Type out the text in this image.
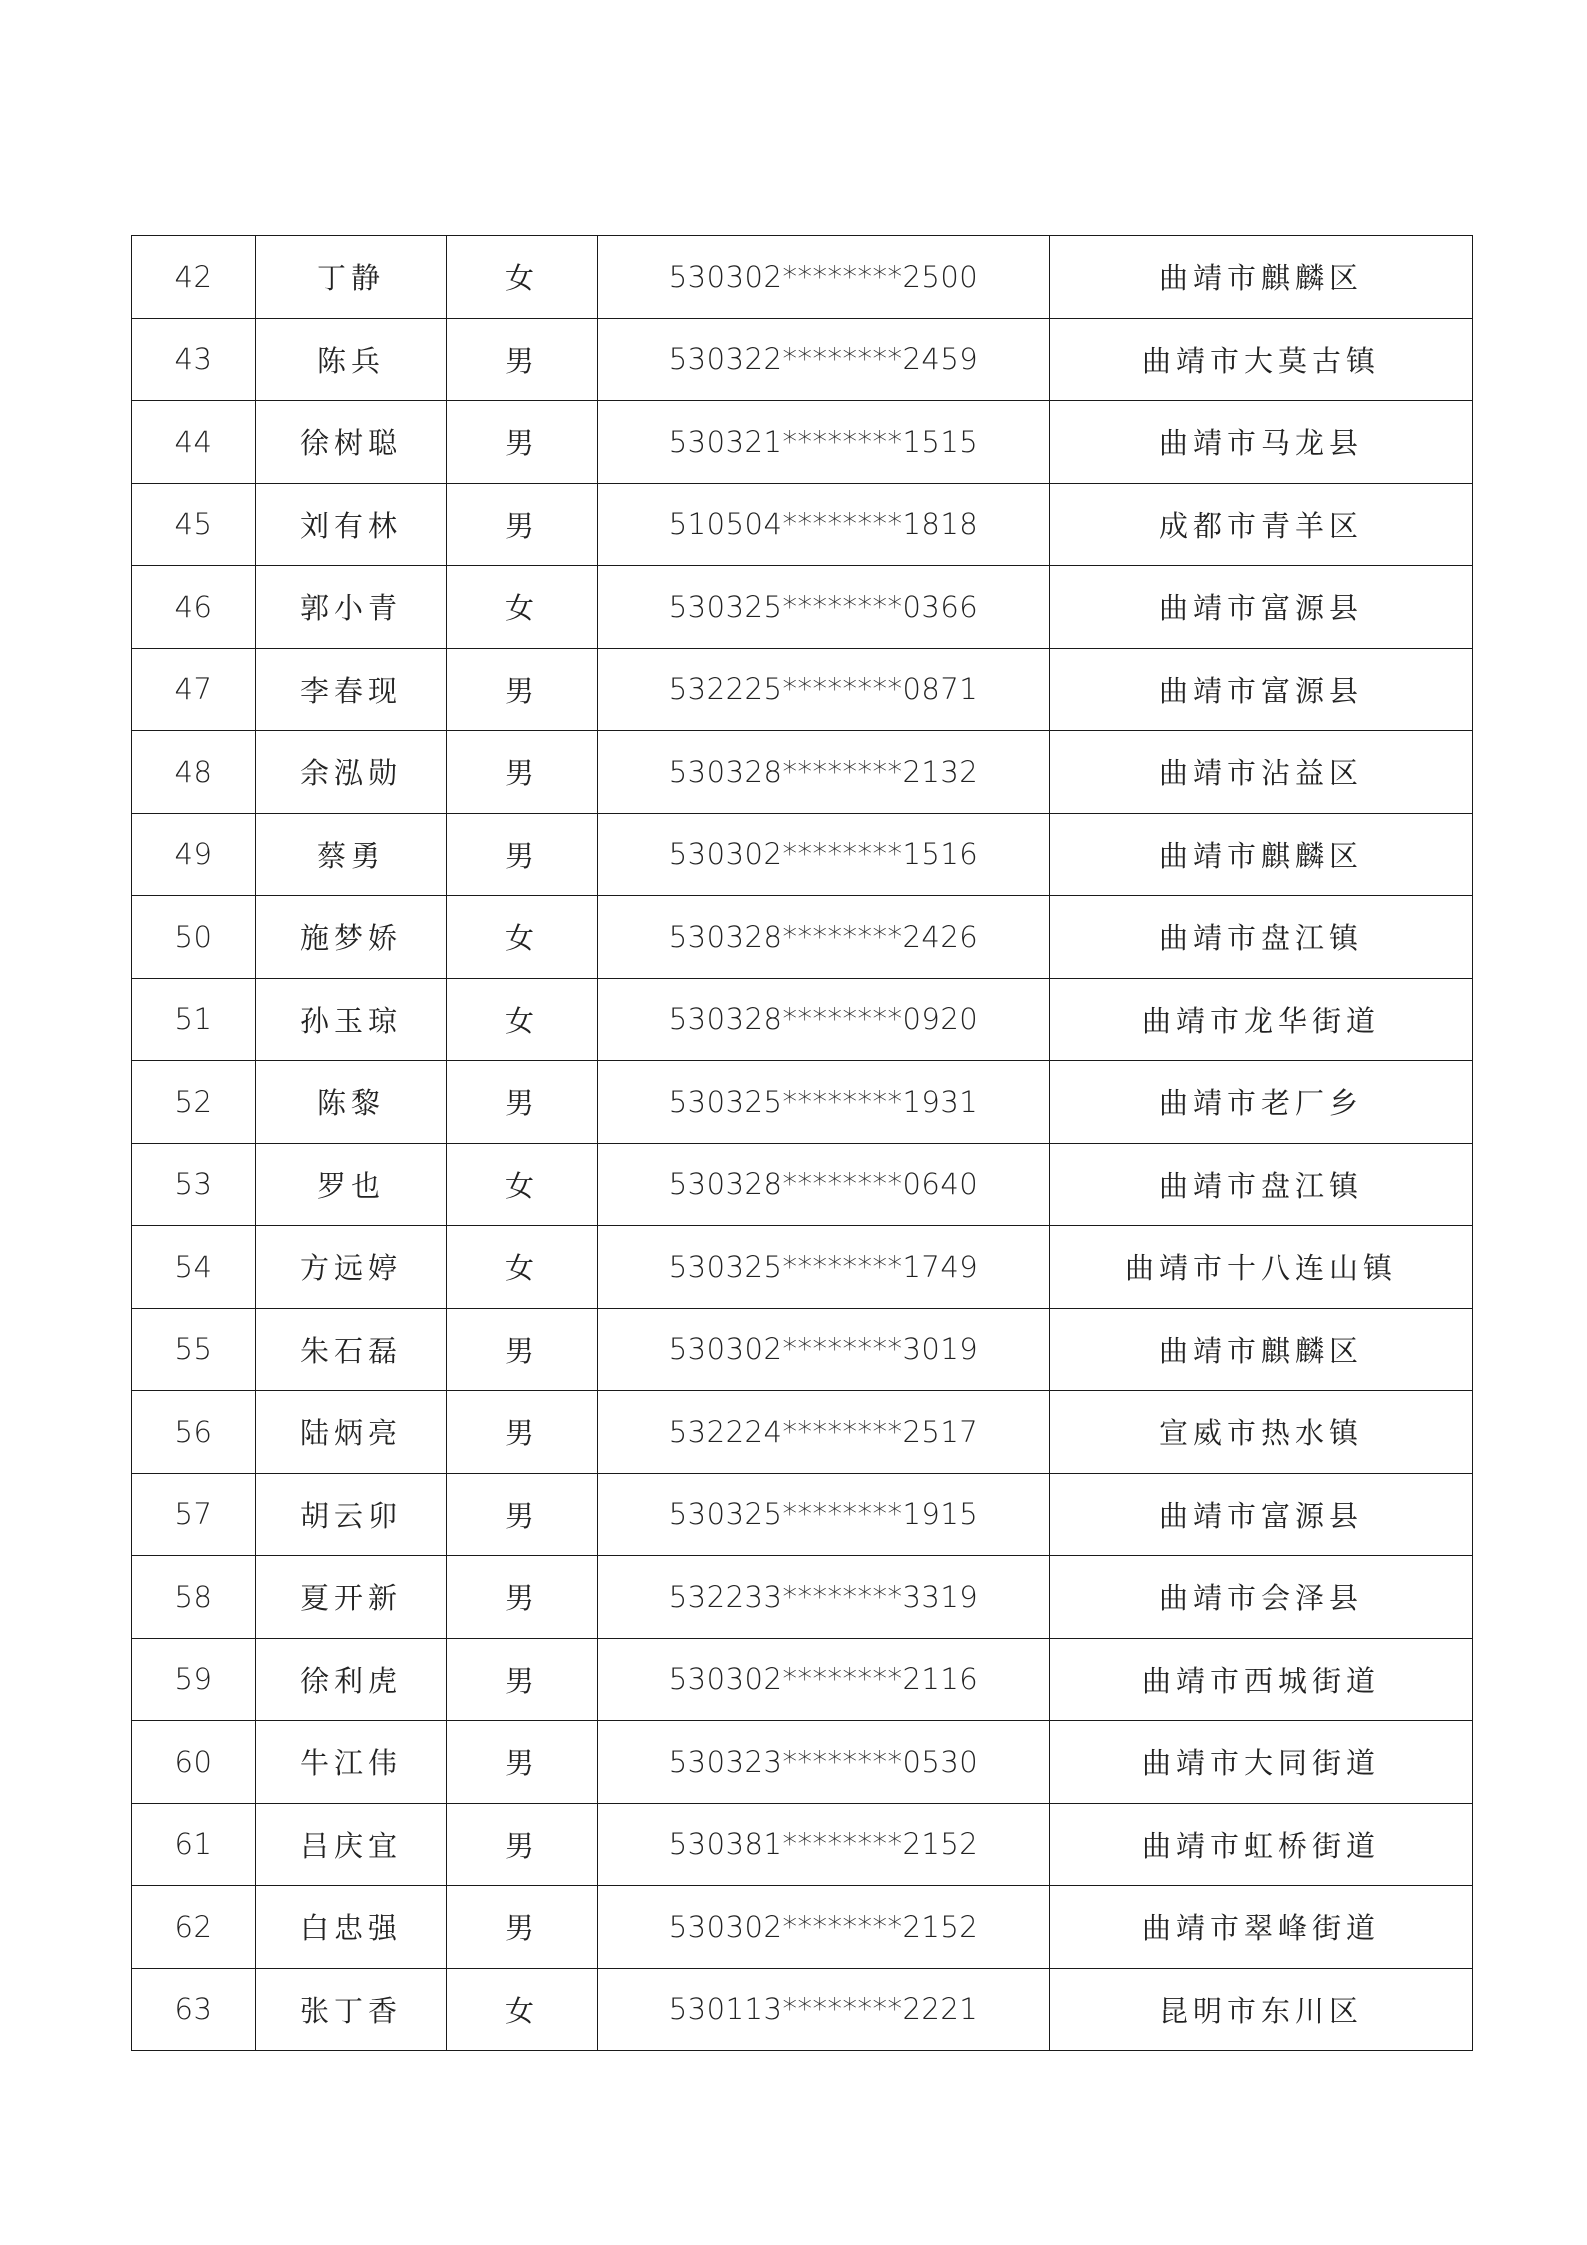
42	丁静	女	530302********2500	曲靖市麒麟区
43	陈兵	男	530322********2459	曲靖市大莫古镇
44	徐树聪	男	530321********1515	曲靖市马龙县
45	刘有林	男	510504********1818	成都市青羊区
46	郭小青	女	530325********0366	曲靖市富源县
47	李春现	男	532225********0871	曲靖市富源县
48	余泓勋	男	530328********2132	曲靖市沾益区
49	蔡勇	男	530302********1516	曲靖市麒麟区
50	施梦娇	女	530328********2426	曲靖市盘江镇
51	孙玉琼	女	530328********0920	曲靖市龙华街道
52	陈黎	男	530325********1931	曲靖市老厂乡
53	罗也	女	530328********0640	曲靖市盘江镇
54	方远婷	女	530325********1749	曲靖市十八连山镇
55	朱石磊	男	530302********3019	曲靖市麒麟区
56	陆炳亮	男	532224********2517	宣威市热水镇
57	胡云卯	男	530325********1915	曲靖市富源县
58	夏开新	男	532233********3319	曲靖市会泽县
59	徐利虎	男	530302********2116	曲靖市西城街道
60	牛江伟	男	530323********0530	曲靖市大同街道
61	吕庆宜	男	530381********2152	曲靖市虹桥街道
62	白忠强	男	530302********2152	曲靖市翠峰街道
63	张丁香	女	530113********2221	昆明市东川区
